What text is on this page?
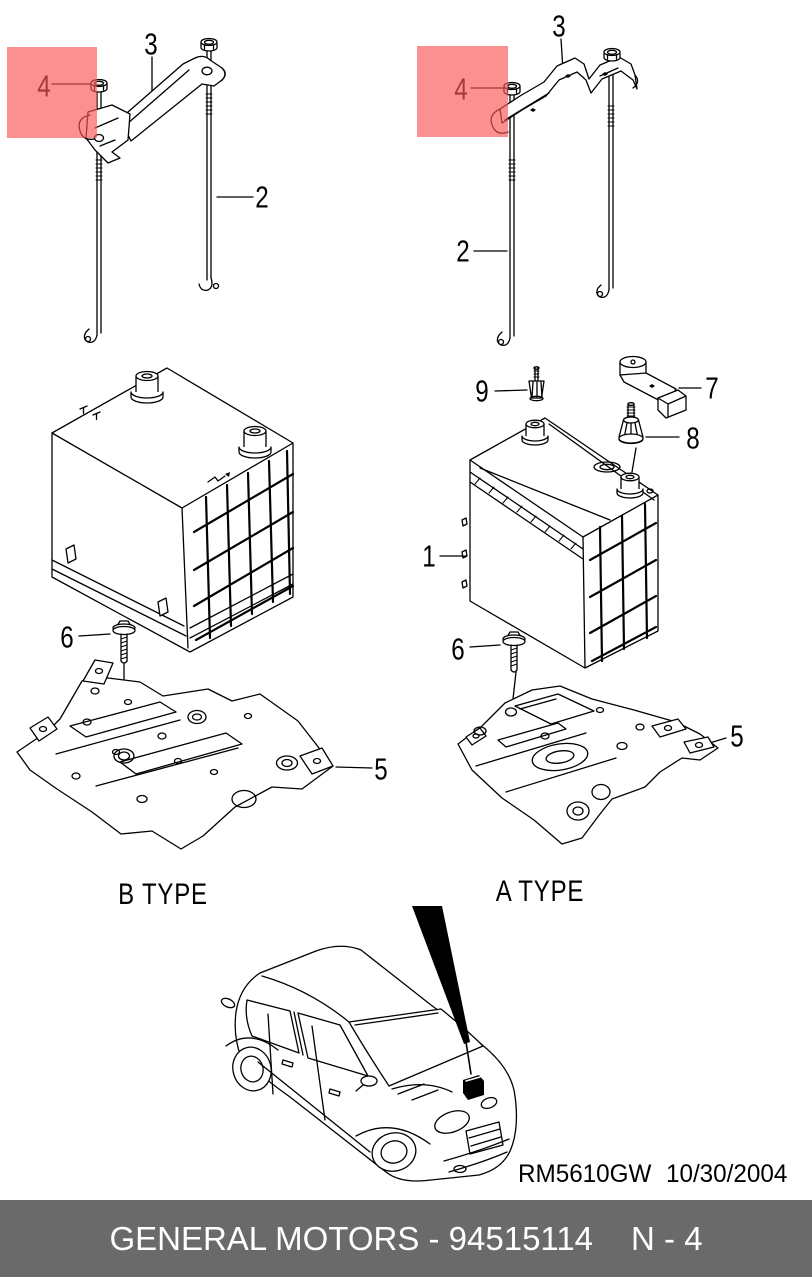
3
2
6
5
3
2
9	7
8
1
6
5
B TYPE	A TYPE
RM5610GW 10/30/2004
GENERAL MOTORS - 94515114 N - 4
